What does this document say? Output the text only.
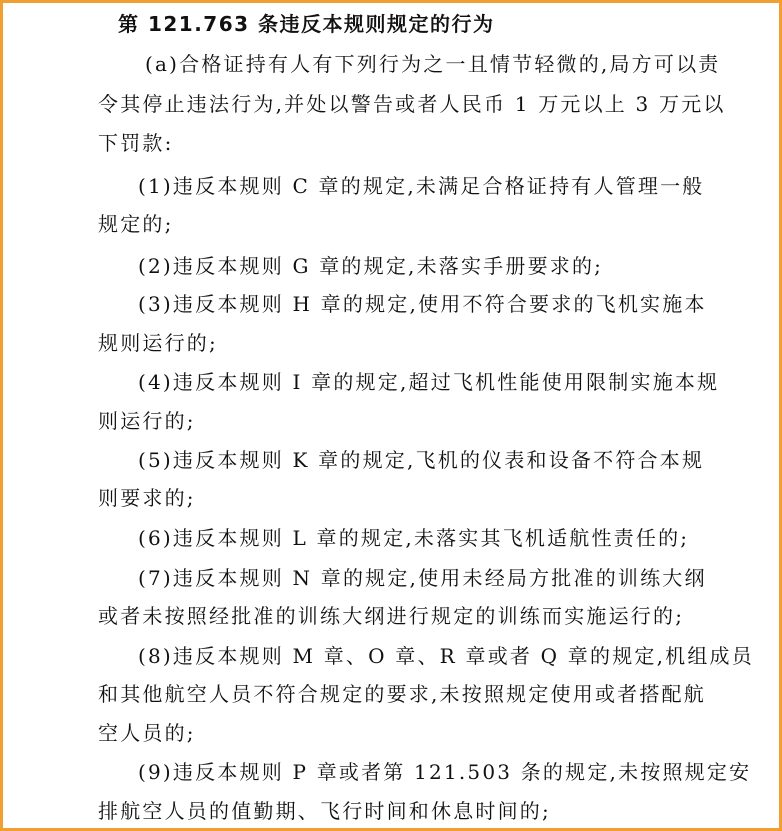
第 121.763 条违反本规则规定的行为
(a)合格证持有人有下列行为之一且情节轻微的,局方可以责
令其停止违法行为,并处以警告或者人民币 1 万元以上 3 万元以
下罚款:
(1)违反本规则 C 章的规定,未满足合格证持有人管理一般
规定的;
(2)违反本规则 G 章的规定,未落实手册要求的;
(3)违反本规则 H 章的规定,使用不符合要求的飞机实施本
规则运行的;
(4)违反本规则 I 章的规定,超过飞机性能使用限制实施本规
则运行的;
(5)违反本规则 K 章的规定,飞机的仪表和设备不符合本规
则要求的;
(6)违反本规则 L 章的规定,未落实其飞机适航性责任的;
(7)违反本规则 N 章的规定,使用未经局方批准的训练大纲
或者未按照经批准的训练大纲进行规定的训练而实施运行的;
(8)违反本规则 M 章、O 章、R 章或者 Q 章的规定,机组成员
和其他航空人员不符合规定的要求,未按照规定使用或者搭配航
空人员的;
(9)违反本规则 P 章或者第 121.503 条的规定,未按照规定安
排航空人员的值勤期、飞行时间和休息时间的;
